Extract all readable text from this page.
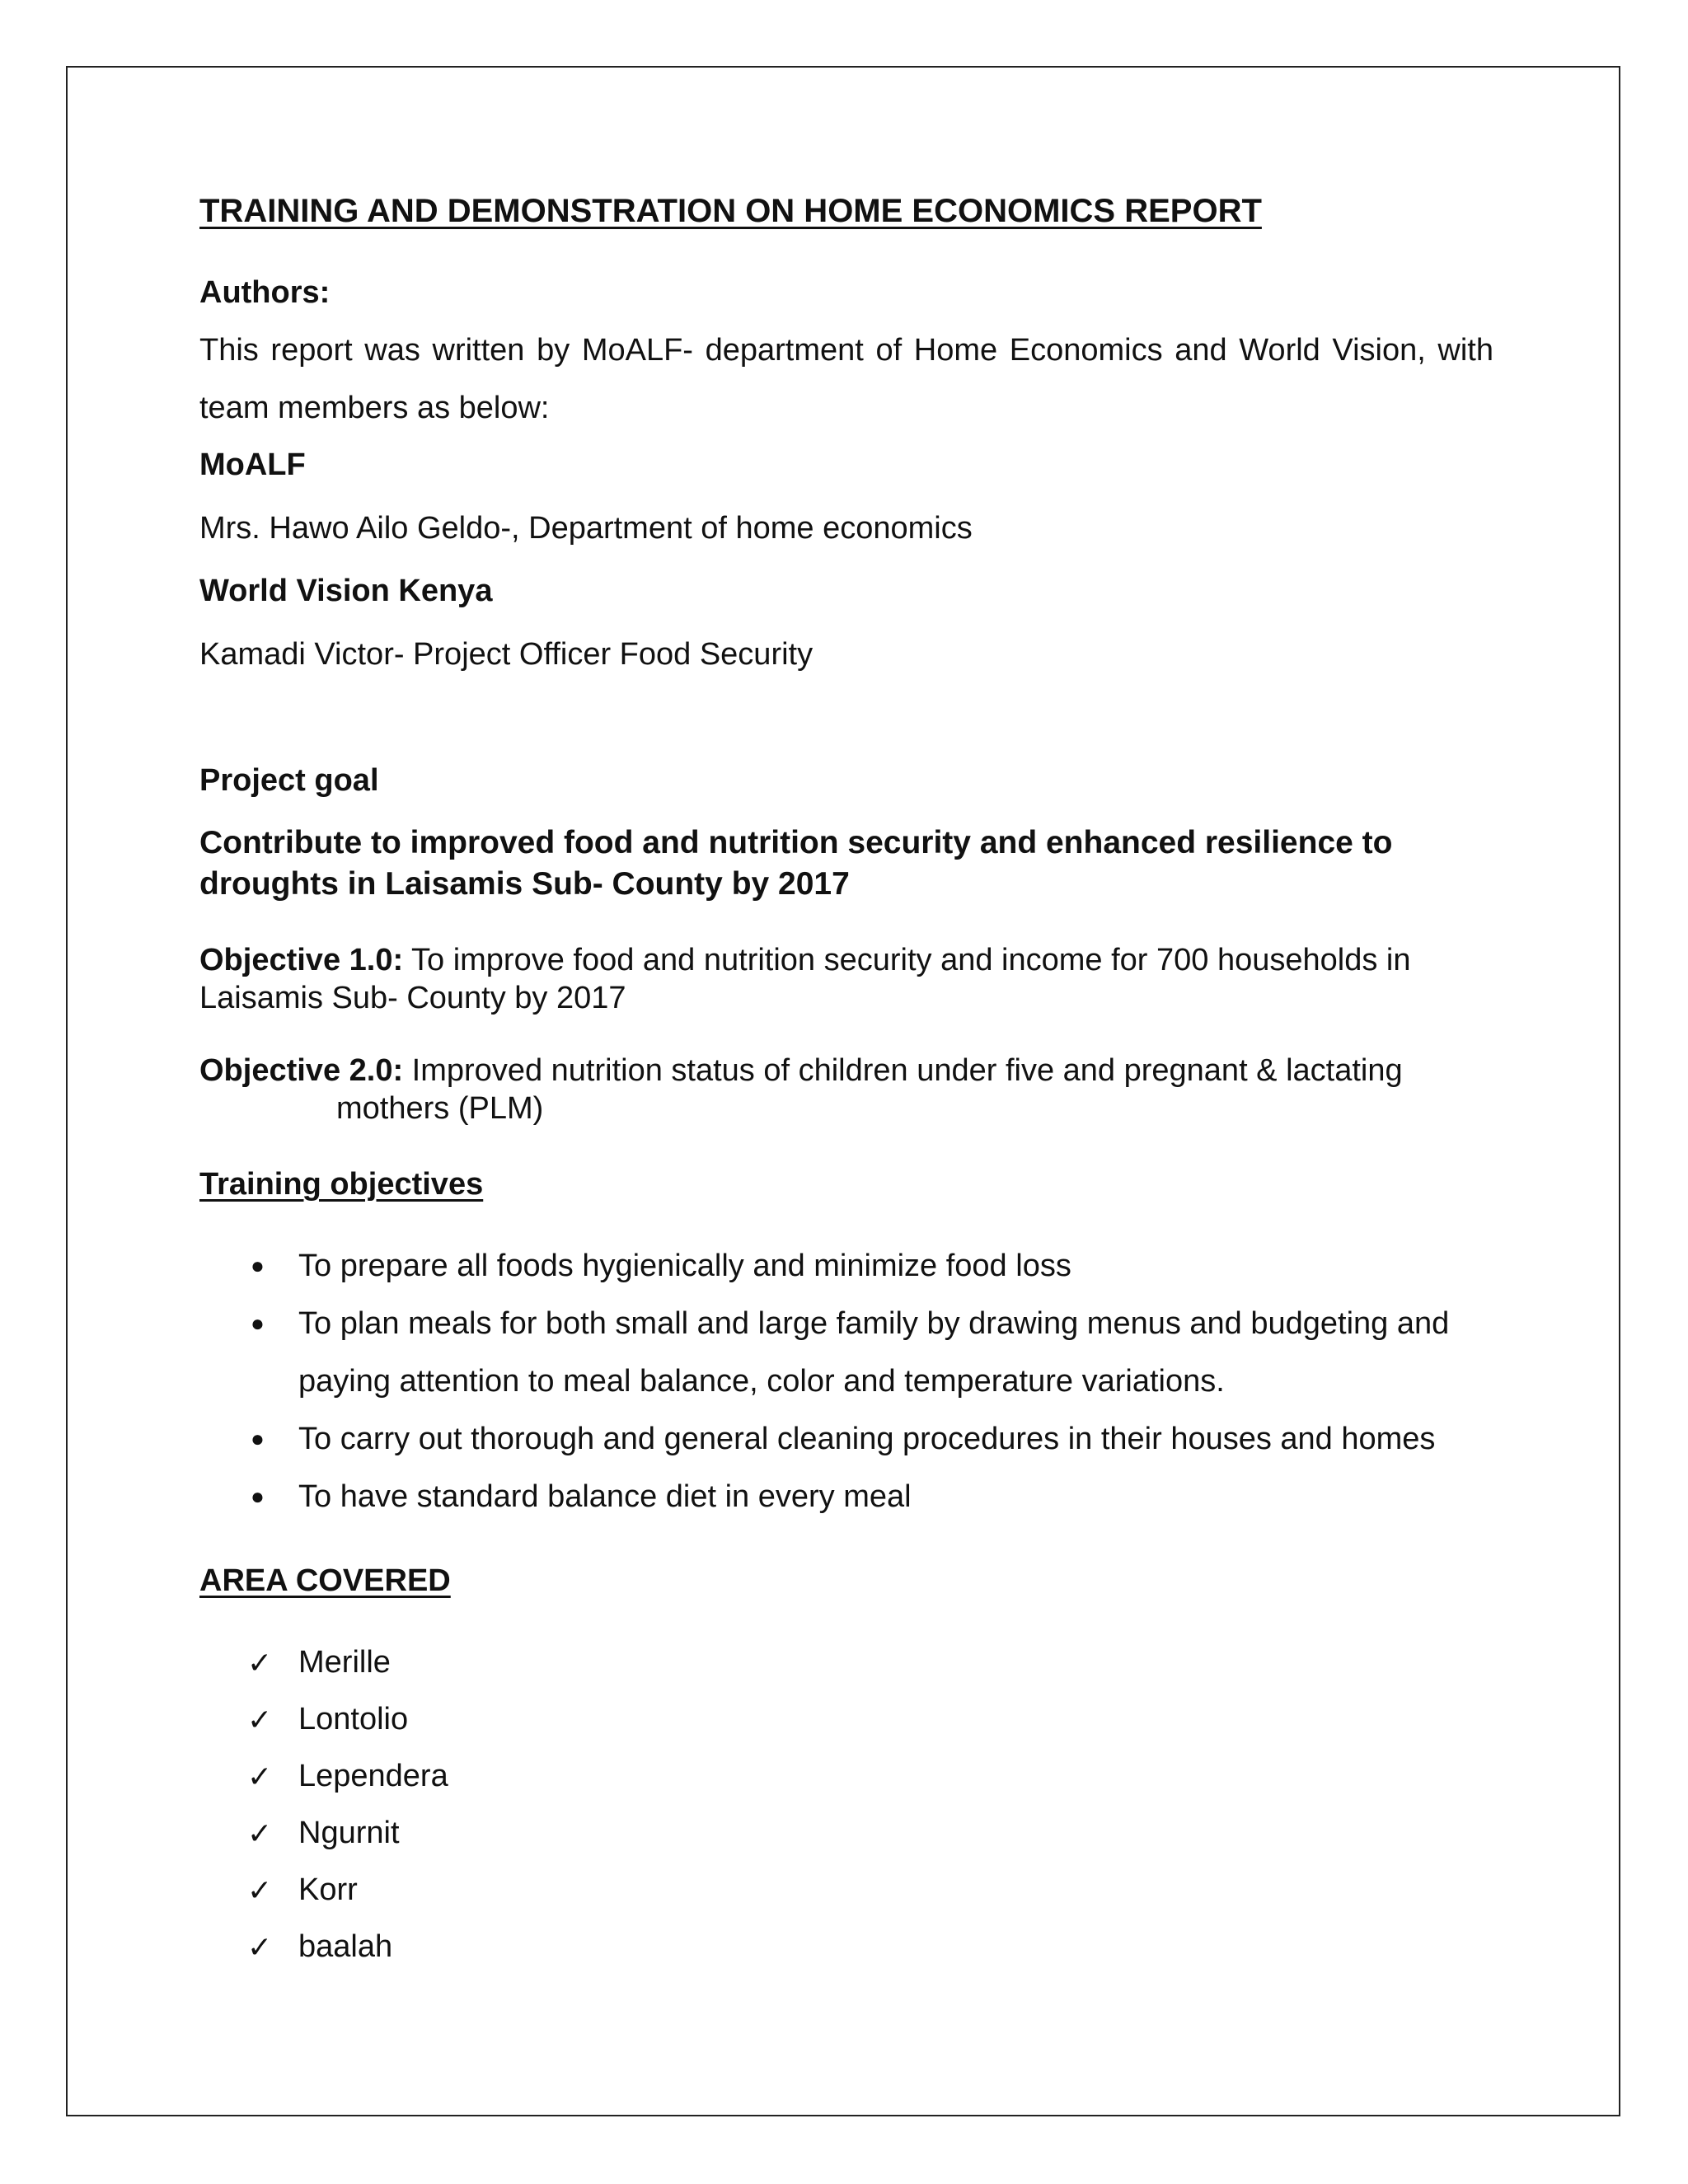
TRAINING AND DEMONSTRATION ON HOME ECONOMICS REPORT
Authors:
This report was written by MoALF- department of Home Economics and World Vision, with team members as below:
MoALF
Mrs. Hawo Ailo Geldo-, Department of home economics
World Vision Kenya
Kamadi Victor- Project Officer Food Security
Project goal
Contribute to improved food and nutrition security and enhanced resilience to droughts in Laisamis Sub- County by 2017
Objective 1.0: To improve food and nutrition security and income for 700 households in Laisamis Sub- County by 2017
Objective 2.0: Improved nutrition status of children under five and pregnant & lactating
mothers (PLM)
Training objectives
● To prepare all foods hygienically and minimize food loss
● To plan meals for both small and large family by drawing menus and budgeting and paying attention to meal balance, color and temperature variations.
● To carry out thorough and general cleaning procedures in their houses and homes
● To have standard balance diet in every meal
AREA COVERED
✓ Merille
✓ Lontolio
✓ Lependera
✓ Ngurnit
✓ Korr
✓ baalah
